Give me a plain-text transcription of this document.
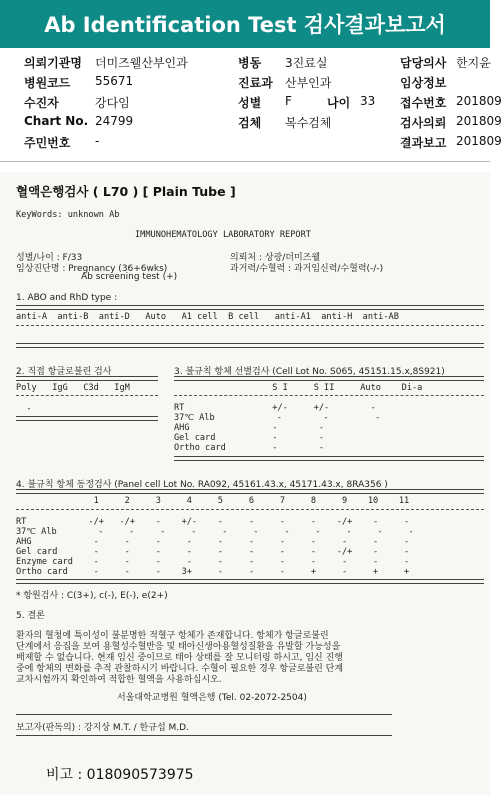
Ab Identification Test 검사결과보고서
의뢰기관명 더미즈웰산부인과
병원코드 55671
수진자	강다임
Chart No. 24799
주민번호 -
병동 3진료실
진료과 산부인과
성별 F	나이 33
검체 복수검체
담당의사 한지윤
임상정보
접수번호 201809
검사의뢰 201809
결과보고 201809
혈액은행검사 ( L70 ) [ Plain Tube ]
KeyWords: unknown Ab
IMMUNOHEMATOLOGY LABORATORY REPORT
성별/나이 : F/33	의뢰처 : 상광/더미즈웰
임상진단명 : Pregnancy (36+6wks)	과거력/수혈력 : 과거임신력/수혈력(-/-)
Ab screening test (+)
1. ABO and RhD type :
anti-A  anti-B  anti-D   Auto   A1 cell  B cell   anti-A1  anti-H  anti-AB
2. 직접 항글로불린 검사
Poly   IgG   C3d   IgM
-
3. 불규칙 항체 선별검사 (Cell Lot No. S065, 45151.15.x,8S921)
S I     S II     Auto    Di-a
RT                 +/-     +/-        -
37℃ Alb            -        -         -
AHG                -        -
Gel card           -        -
Ortho card         -        -
4. 불규칙 항체 동정검사 (Panel cell Lot No. RA092, 45161.43.x, 45171.43.x, 8RA356 )
1     2     3     4     5     6     7     8     9    10    11
RT            -/+   -/+    -    +/-    -     -     -     -    -/+    -     -
37℃ Alb        -     -     -     -     -     -     -     -     -     -     -
AHG            -     -     -     -     -     -     -     -     -     -     -
Gel card       -     -     -     -     -     -     -     -    -/+    -     -
Enzyme card    -     -     -     -     -     -     -     -     -     -     -
Ortho card     -     -     -    3+     -     -     -     +     -     +     +
* 항원검사 : C(3+), c(-), E(-), e(2+)
5. 결론
환자의 혈청에 특이성이 불분명한 적혈구 항체가 존재합니다. 항체가 항글로불린
단계에서 응집을 보여 용혈성수혈반응 및 태아신생아용혈성질환을 유발할 가능성을
배제할 수 없습니다. 현재 임신 중이므로 태아 상태를 잘 모니터링 하시고, 임신 진행
중에 항체의 변화를 추적 관찰하시기 바랍니다. 수혈이 필요한 경우 항글로불린 단계
교차시험까지 확인하여 적합한 혈액을 사용하십시오.
서울대학교병원 혈액은행 (Tel. 02-2072-2504)
보고자(판독의) : 강지상 M.T. / 한규섭 M.D.
비고 : 018090573975
